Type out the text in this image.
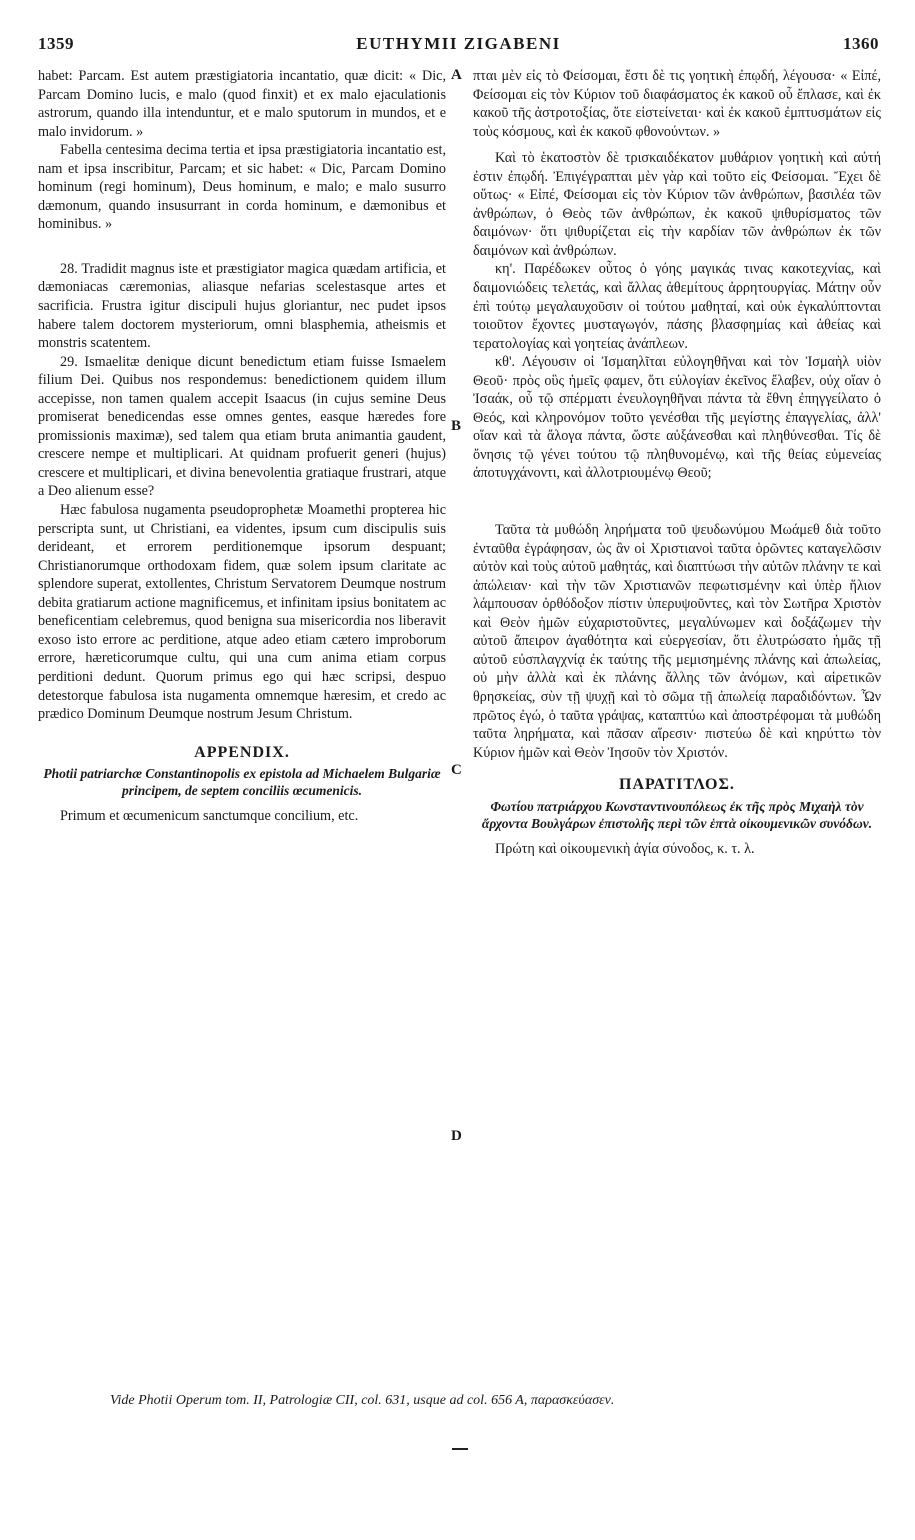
1359	EUTHYMII ZIGABENI	1360

habet: Parcam. Est autem præstigiatoria incantatio, quæ dicit: « Dic, Parcam Domino lucis, e malo (quod finxit) et ex malo ejaculationis astrorum, quando illa intenduntur, et e malo sputorum in mundos, et e malo invidorum. »

Fabella centesima decima tertia et ipsa præstigiatoria incantatio est, nam et ipsa inscribitur, Parcam; et sic habet: « Dic, Parcam Domino hominum (regi hominum), Deus hominum, e malo; e malo susurro dæmonum, quando insusurrant in corda hominum, e dæmonibus et hominibus. »

28. Tradidit magnus iste et præstigiator magica quædam artificia, et dæmoniacas cæremonias, aliasque nefarias scelestasque artes et sacrificia. Frustra igitur discipuli hujus gloriantur, nec pudet ipsos habere talem doctorem mysteriorum, omni blasphemia, atheismis et monstris scatentem.

29. Ismaelitæ denique dicunt benedictum etiam fuisse Ismaelem filium Dei. Quibus nos respondemus: benedictionem quidem illum accepisse, non tamen qualem accepit Isaacus (in cujus semine Deus promiserat benedicendas esse omnes gentes, easque hæredes fore promissionis maximæ), sed talem qua etiam bruta animantia gaudent, crescere nempe et multiplicari. At quidnam profuerit generi (hujus) crescere et multiplicari, et divina benevolentia gratiaque frustrari, atque a Deo alienum esse?

Hæc fabulosa nugamenta pseudoprophetæ Moamethi propterea hic perscripta sunt, ut Christiani, ea videntes, ipsum cum discipulis suis derideant, et errorem perditionemque ipsorum despuant; Christianorumque orthodoxam fidem, quæ solem ipsum claritate ac splendore superat, extollentes, Christum Servatorem Deumque nostrum debita gratiarum actione magnificemus, et infinitam ipsius bonitatem ac beneficentiam celebremus, quod benigna sua misericordia nos liberavit exoso isto errore ac perditione, atque adeo etiam cætero improborum errore, hæreticorumque cultu, qui una cum anima etiam corpus perditioni dedunt. Quorum primus ego qui hæc scripsi, despuo detestorque fabulosa ista nugamenta omnemque hæresim, et credo ac prædico Dominum Deumque nostrum Jesum Christum.

APPENDIX.
Photii patriarchæ Constantinopolis ex epistola ad Michaelem Bulgariæ principem, de septem conciliis œcumenicis.

Primum et œcumenicum sanctumque concilium, etc.

A
B
C
D

πται μὲν εἰς τὸ Φείσομαι, ἔστι δὲ τις γοητικὴ ἐπῳδή, λέγουσα· « Εἰπέ, Φείσομαι εἰς τὸν Κύριον τοῦ διαφάσματος ἐκ κακοῦ οὗ ἔπλασε, καὶ ἐκ κακοῦ τῆς ἀστροτοξίας, ὅτε εἰστείνεται· καὶ ἐκ κακοῦ ἐμπτυσμάτων εἰς τοὺς κόσμους, καὶ ἐκ κακοῦ φθονούντων. »

Καὶ τὸ ἑκατοστὸν δὲ τρισκαιδέκατον μυθάριον γοητικὴ καὶ αὐτή ἐστιν ἐπῳδή. Ἐπιγέγραπται μὲν γὰρ καὶ τοῦτο εἰς Φείσομαι. Ἔχει δὲ οὕτως· « Εἰπέ, Φείσομαι εἰς τὸν Κύριον τῶν ἀνθρώπων, βασιλέα τῶν ἀνθρώπων, ὁ Θεὸς τῶν ἀνθρώπων, ἐκ κακοῦ ψιθυρίσματος τῶν δαιμόνων· ὅτι ψιθυρίζεται εἰς τὴν καρδίαν τῶν ἀνθρώπων ἐκ τῶν δαιμόνων καὶ ἀνθρώπων.

κη'. Παρέδωκεν οὗτος ὁ γόης μαγικάς τινας κακοτεχνίας, καὶ δαιμονιώδεις τελετάς, καὶ ἄλλας ἀθεμίτους ἀρρητουργίας. Μάτην οὖν ἐπὶ τούτῳ μεγαλαυχοῦσιν οἱ τούτου μαθηταί, καὶ οὐκ ἐγκαλύπτονται τοιοῦτον ἔχοντες μυσταγωγόν, πάσης βλασφημίας καὶ ἀθείας καὶ τερατολογίας καὶ γοητείας ἀνάπλεων.

κθ'. Λέγουσιν οἱ Ἰσμαηλῖται εὐλογηθῆναι καὶ τὸν Ἰσμαὴλ υἱὸν Θεοῦ· πρὸς οὓς ἡμεῖς φαμεν, ὅτι εὐλογίαν ἐκεῖνος ἔλαβεν, οὐχ οἵαν ὁ Ἰσαάκ, οὗ τῷ σπέρματι ἐνευλογηθῆναι πάντα τὰ ἔθνη ἐπηγγείλατο ὁ Θεός, καὶ κληρονόμον τοῦτο γενέσθαι τῆς μεγίστης ἐπαγγελίας, ἀλλ' οἵαν καὶ τὰ ἄλογα πάντα, ὥστε αὐξάνεσθαι καὶ πληθύνεσθαι. Τίς δὲ ὄνησις τῷ γένει τούτου τῷ πληθυνομένῳ, καὶ τῆς θείας εὐμενείας ἀποτυγχάνοντι, καὶ ἀλλοτριουμένῳ Θεοῦ;

Ταῦτα τὰ μυθώδη ληρήματα τοῦ ψευδωνύμου Μωάμεθ διὰ τοῦτο ἐνταῦθα ἐγράφησαν, ὡς ἂν οἱ Χριστιανοὶ ταῦτα ὁρῶντες καταγελῶσιν αὐτὸν καὶ τοὺς αὐτοῦ μαθητάς, καὶ διαπτύωσι τὴν αὐτῶν πλάνην τε καὶ ἀπώλειαν· καὶ τὴν τῶν Χριστιανῶν πεφωτισμένην καὶ ὑπὲρ ἥλιον λάμπουσαν ὀρθόδοξον πίστιν ὑπερυψοῦντες, καὶ τὸν Σωτῆρα Χριστὸν καὶ Θεὸν ἡμῶν εὐχαριστοῦντες, μεγαλύνωμεν καὶ δοξάζωμεν τὴν αὐτοῦ ἄπειρον ἀγαθότητα καὶ εὐεργεσίαν, ὅτι ἐλυτρώσατο ἡμᾶς τῇ αὐτοῦ εὐσπλαγχνίᾳ ἐκ ταύτης τῆς μεμισημένης πλάνης καὶ ἀπωλείας, οὐ μὴν ἀλλὰ καὶ ἐκ πλάνης ἄλλης τῶν ἀνόμων, καὶ αἱρετικῶν θρησκείας, σὺν τῇ ψυχῇ καὶ τὸ σῶμα τῇ ἀπωλείᾳ παραδιδόντων. Ὧν πρῶτος ἐγώ, ὁ ταῦτα γράψας, καταπτύω καὶ ἀποστρέφομαι τὰ μυθώδη ταῦτα ληρήματα, καὶ πᾶσαν αἵρεσιν· πιστεύω δὲ καὶ κηρύττω τὸν Κύριον ἡμῶν καὶ Θεὸν Ἰησοῦν τὸν Χριστόν.

ΠΑΡΑΤΙΤΛΟΣ.
Φωτίου πατριάρχου Κωνσταντινουπόλεως ἐκ τῆς πρὸς Μιχαὴλ τὸν ἄρχοντα Βουλγάρων ἐπιστολῆς περὶ τῶν ἑπτὰ οἰκουμενικῶν συνόδων.

Πρώτη καὶ οἰκουμενικὴ ἁγία σύνοδος, κ. τ. λ.

Vide Photii Operum tom. II, Patrologiæ CII, col. 631, usque ad col. 656 A, παρασκεύασεν.
